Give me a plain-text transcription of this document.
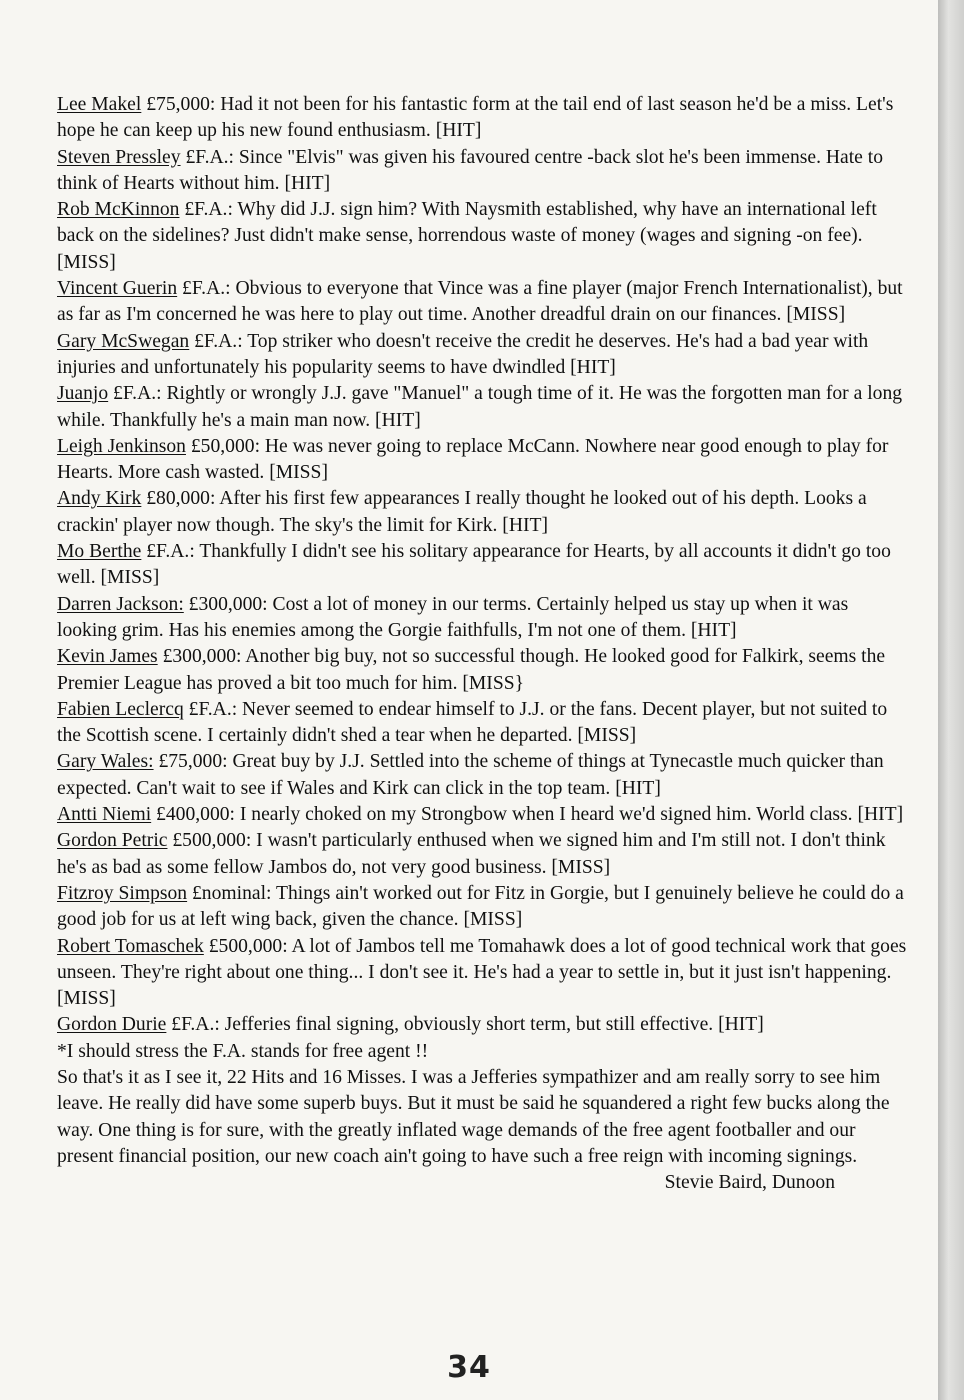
Lee Makel £75,000: Had it not been for his fantastic form at the tail end of last season he'd be a miss. Let's hope he can keep up his new found enthusiasm. [HIT]

Steven Pressley £F.A.: Since "Elvis" was given his favoured centre -back slot he's been immense. Hate to think of Hearts without him. [HIT]

Rob McKinnon £F.A.: Why did J.J. sign him? With Naysmith established, why have an international left back on the sidelines? Just didn't make sense, horrendous waste of money (wages and signing -on fee). [MISS]

Vincent Guerin £F.A.: Obvious to everyone that Vince was a fine player (major French Internationalist), but as far as I'm concerned he was here to play out time. Another dreadful drain on our finances. [MISS]

Gary McSwegan £F.A.: Top striker who doesn't receive the credit he deserves. He's had a bad year with injuries and unfortunately his popularity seems to have dwindled [HIT]

Juanjo £F.A.: Rightly or wrongly J.J. gave "Manuel" a tough time of it. He was the forgotten man for a long while. Thankfully he's a main man now. [HIT]

Leigh Jenkinson £50,000: He was never going to replace McCann. Nowhere near good enough to play for Hearts. More cash wasted. [MISS]

Andy Kirk £80,000: After his first few appearances I really thought he looked out of his depth. Looks a crackin' player now though. The sky's the limit for Kirk. [HIT]

Mo Berthe £F.A.: Thankfully I didn't see his solitary appearance for Hearts, by all accounts it didn't go too well. [MISS]

Darren Jackson: £300,000: Cost a lot of money in our terms. Certainly helped us stay up when it was looking grim. Has his enemies among the Gorgie faithfulls, I'm not one of them. [HIT]

Kevin James £300,000: Another big buy, not so successful though. He looked good for Falkirk, seems the Premier League has proved a bit too much for him. [MISS}

Fabien Leclercq £F.A.: Never seemed to endear himself to J.J. or the fans. Decent player, but not suited to the Scottish scene. I certainly didn't shed a tear when he departed. [MISS]

Gary Wales: £75,000: Great buy by J.J. Settled into the scheme of things at Tynecastle much quicker than expected. Can't wait to see if Wales and Kirk can click in the top team. [HIT]

Antti Niemi £400,000: I nearly choked on my Strongbow when I heard we'd signed him. World class. [HIT]

Gordon Petric £500,000: I wasn't particularly enthused when we signed him and I'm still not. I don't think he's as bad as some fellow Jambos do, not very good business. [MISS]

Fitzroy Simpson £nominal: Things ain't worked out for Fitz in Gorgie, but I genuinely believe he could do a good job for us at left wing back, given the chance. [MISS]

Robert Tomaschek £500,000: A lot of Jambos tell me Tomahawk does a lot of good technical work that goes unseen. They're right about one thing... I don't see it. He's had a year to settle in, but it just isn't happening. [MISS]

Gordon Durie £F.A.: Jefferies final signing, obviously short term, but still effective. [HIT]

*I should stress the F.A. stands for free agent !!

So that's it as I see it, 22 Hits and 16 Misses. I was a Jefferies sympathizer and am really sorry to see him leave. He really did have some superb buys. But it must be said he squandered a right few bucks along the way. One thing is for sure, with the greatly inflated wage demands of the free agent footballer and our present financial position, our new coach ain't going to have such a free reign with incoming signings.

Stevie Baird, Dunoon

34
